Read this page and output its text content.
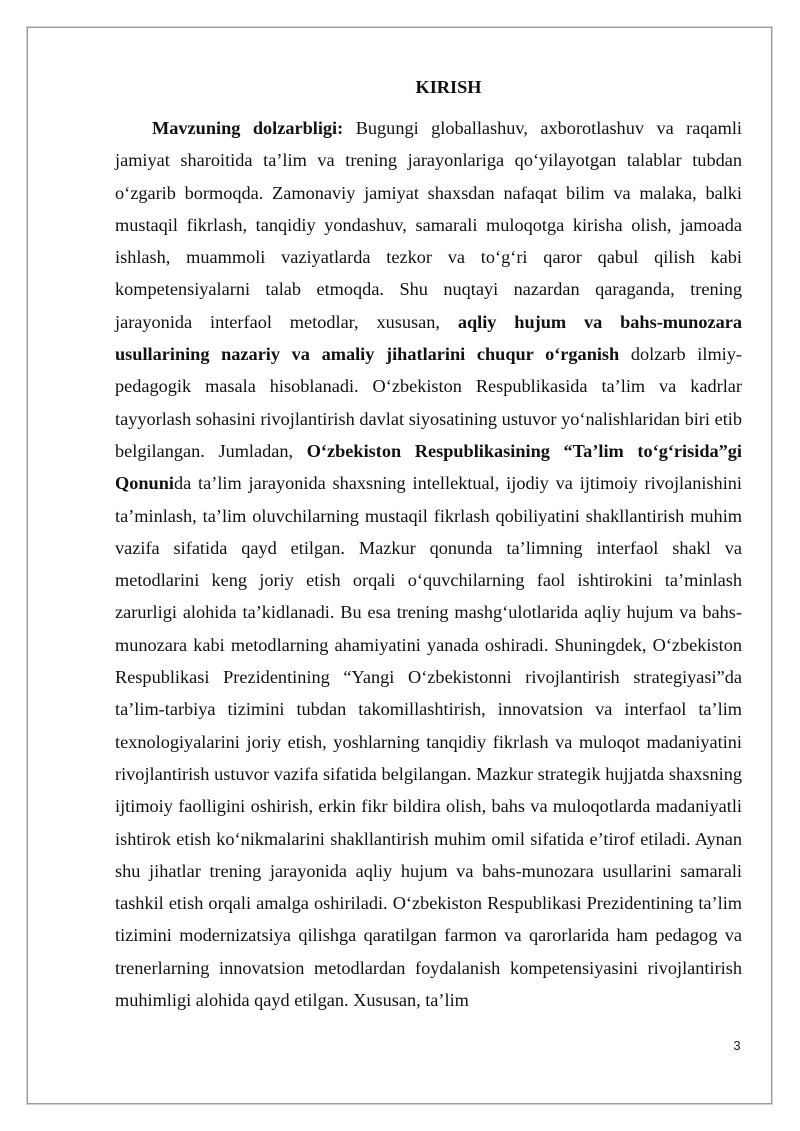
KIRISH

Mavzuning dolzarbligi: Bugungi globallashuv, axborotlashuv va raqamli jamiyat sharoitida ta’lim va trening jarayonlariga qo‘yilayotgan talablar tubdan o‘zgarib bormoqda. Zamonaviy jamiyat shaxsdan nafaqat bilim va malaka, balki mustaqil fikrlash, tanqidiy yondashuv, samarali muloqotga kirisha olish, jamoada ishlash, muammoli vaziyatlarda tezkor va to‘g‘ri qaror qabul qilish kabi kompetensiyalarni talab etmoqda. Shu nuqtayi nazardan qaraganda, trening jarayonida interfaol metodlar, xususan, aqliy hujum va bahs-munozara usullarining nazariy va amaliy jihatlarini chuqur o‘rganish dolzarb ilmiy-pedagogik masala hisoblanadi. O‘zbekiston Respublikasida ta’lim va kadrlar tayyorlash sohasini rivojlantirish davlat siyosatining ustuvor yo‘nalishlaridan biri etib belgilangan. Jumladan, O‘zbekiston Respublikasining “Ta’lim to‘g‘risida”gi Qonunida ta’lim jarayonida shaxsning intellektual, ijodiy va ijtimoiy rivojlanishini ta’minlash, ta’lim oluvchilarning mustaqil fikrlash qobiliyatini shakllantirish muhim vazifa sifatida qayd etilgan. Mazkur qonunda ta’limning interfaol shakl va metodlarini keng joriy etish orqali o‘quvchilarning faol ishtirokini ta’minlash zarurligi alohida ta’kidlanadi. Bu esa trening mashg‘ulotlarida aqliy hujum va bahs-munozara kabi metodlarning ahamiyatini yanada oshiradi. Shuningdek, O‘zbekiston Respublikasi Prezidentining “Yangi O‘zbekistonni rivojlantirish strategiyasi”da ta’lim-tarbiya tizimini tubdan takomillashtirish, innovatsion va interfaol ta’lim texnologiyalarini joriy etish, yoshlarning tanqidiy fikrlash va muloqot madaniyatini rivojlantirish ustuvor vazifa sifatida belgilangan. Mazkur strategik hujjatda shaxsning ijtimoiy faolligini oshirish, erkin fikr bildira olish, bahs va muloqotlarda madaniyatli ishtirok etish ko‘nikmalarini shakllantirish muhim omil sifatida e’tirof etiladi. Aynan shu jihatlar trening jarayonida aqliy hujum va bahs-munozara usullarini samarali tashkil etish orqali amalga oshiriladi. O‘zbekiston Respublikasi Prezidentining ta’lim tizimini modernizatsiya qilishga qaratilgan farmon va qarorlarida ham pedagog va trenerlarning innovatsion metodlardan foydalanish kompetensiyasini rivojlantirish muhimligi alohida qayd etilgan. Xususan, ta’lim

3
